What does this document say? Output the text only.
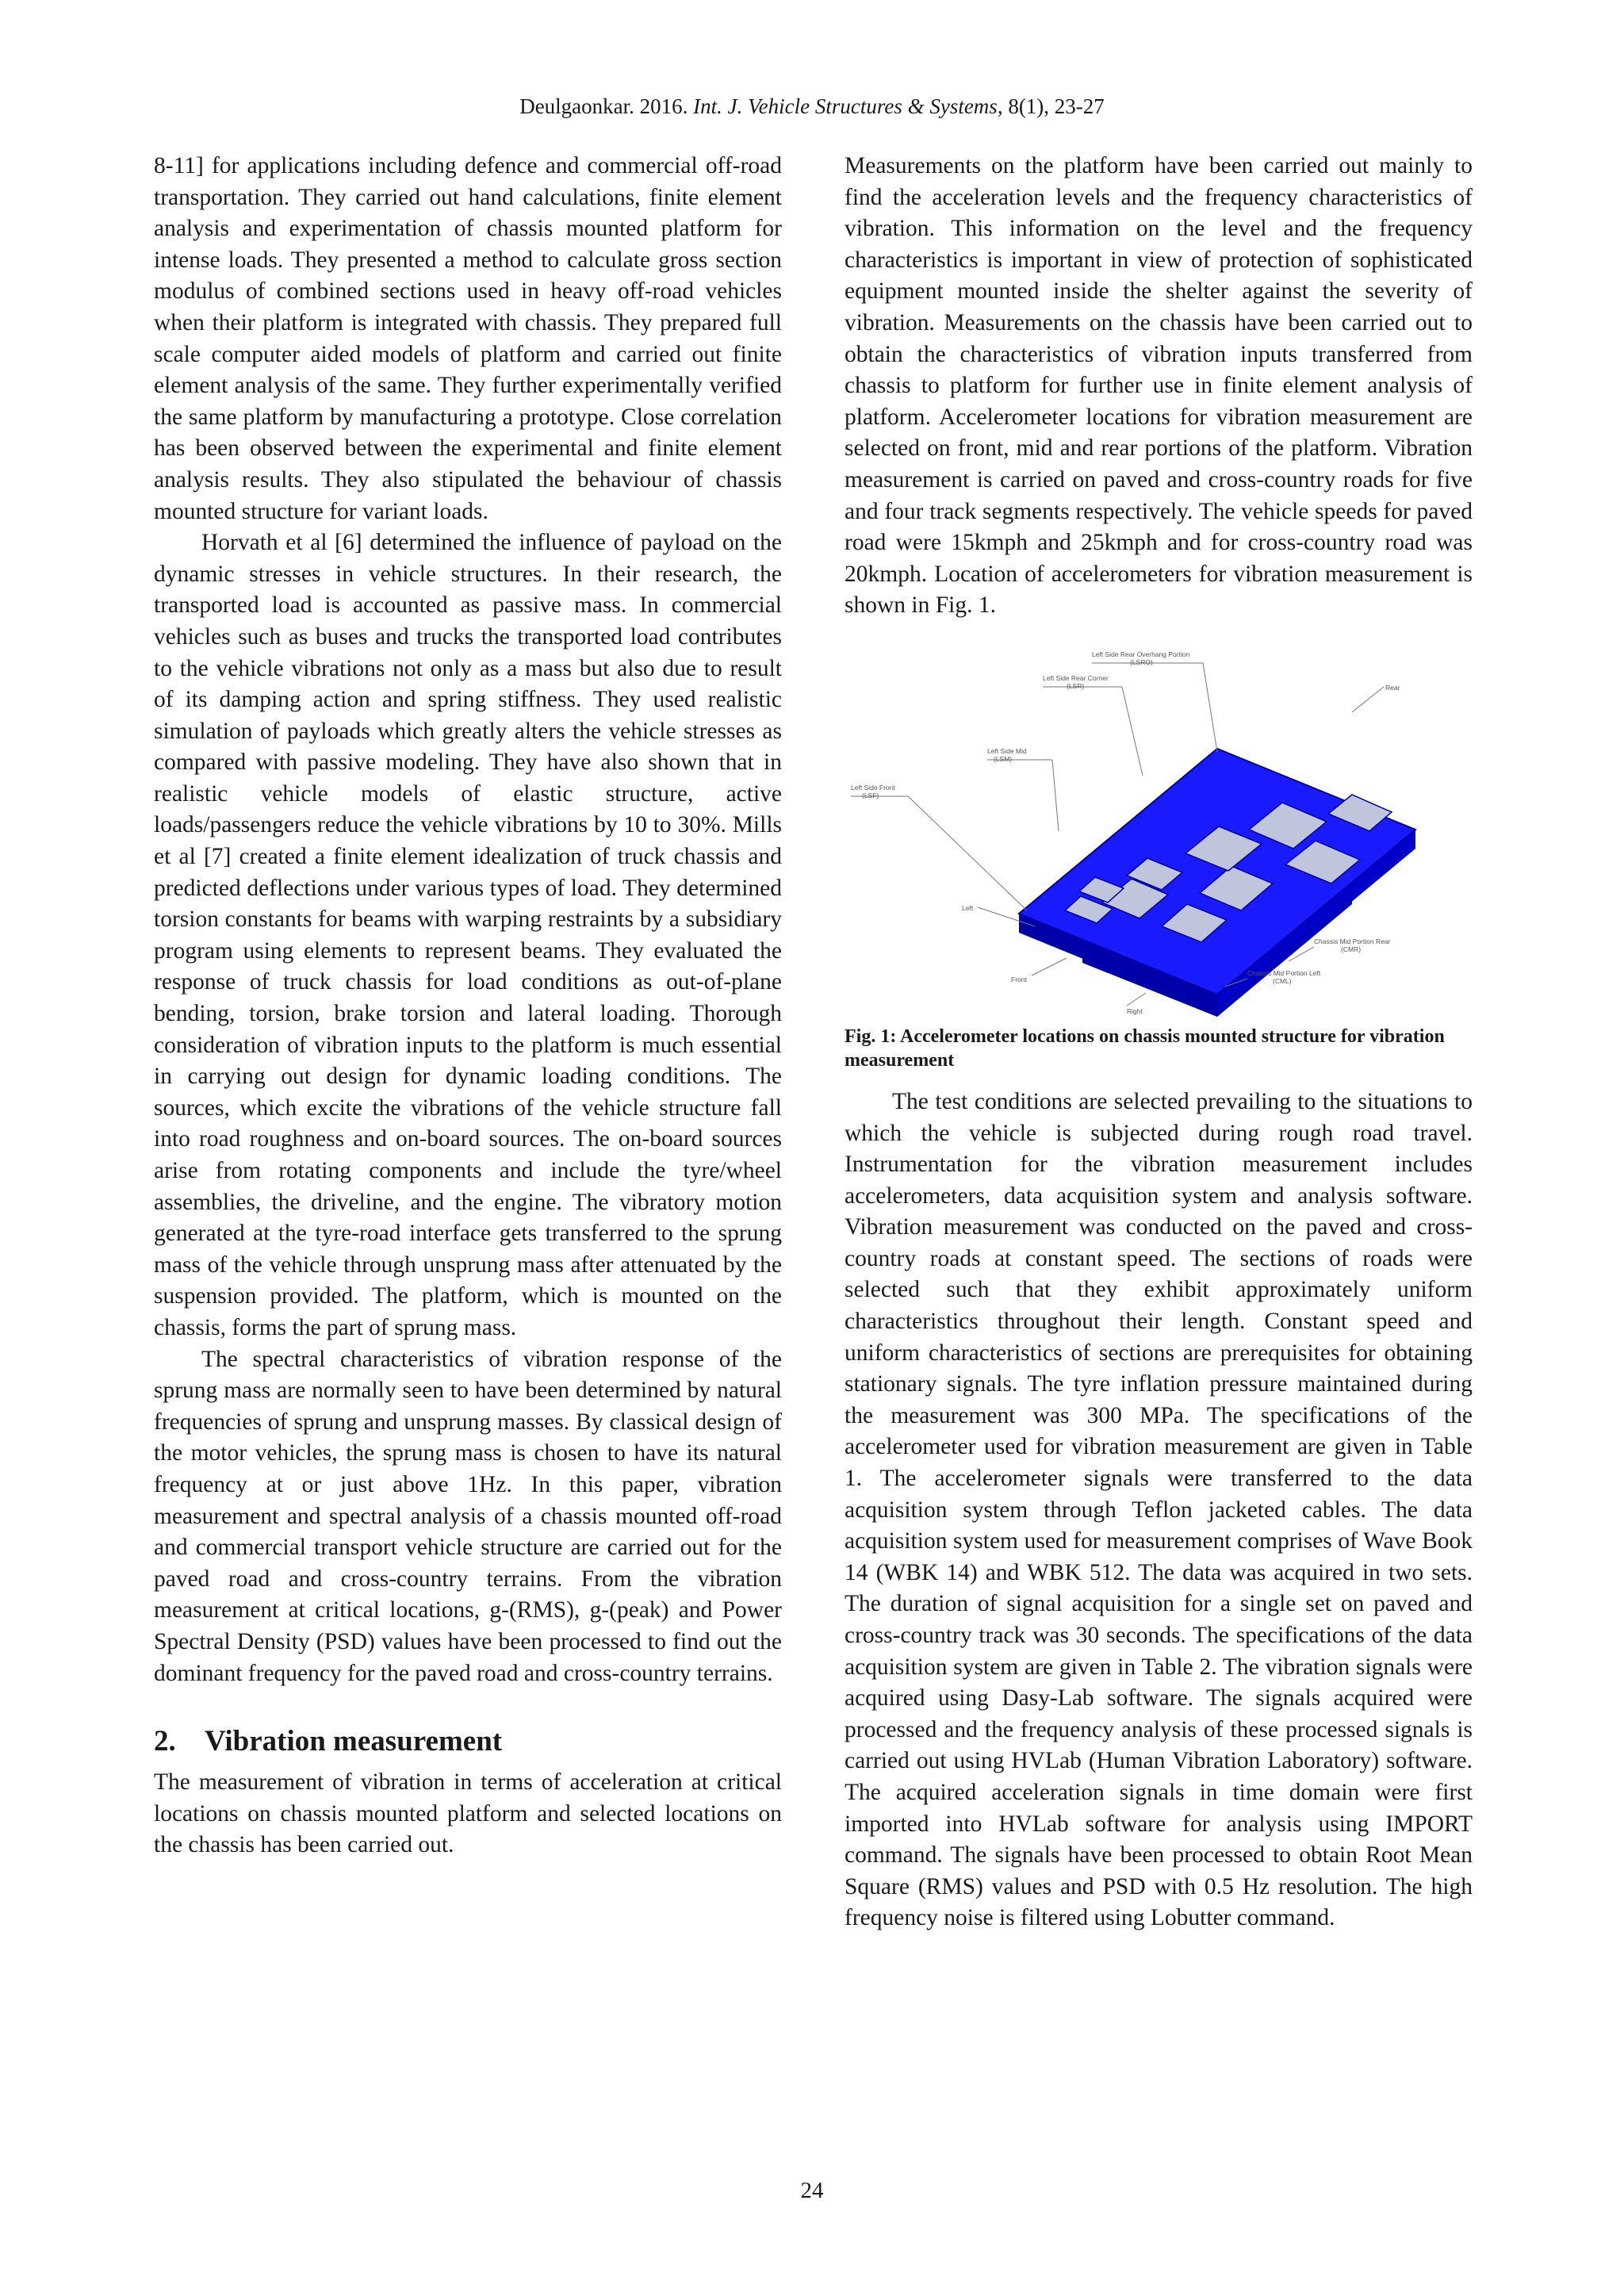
Deulgaonkar. 2016. Int. J. Vehicle Structures & Systems, 8(1), 23-27

8-11] for applications including defence and commercial off-road transportation. They carried out hand calculations, finite element analysis and experimentation of chassis mounted platform for intense loads. They presented a method to calculate gross section modulus of combined sections used in heavy off-road vehicles when their platform is integrated with chassis. They prepared full scale computer aided models of platform and carried out finite element analysis of the same. They further experimentally verified the same platform by manufacturing a prototype. Close correlation has been observed between the experimental and finite element analysis results. They also stipulated the behaviour of chassis mounted structure for variant loads.

Horvath et al [6] determined the influence of payload on the dynamic stresses in vehicle structures. In their research, the transported load is accounted as passive mass. In commercial vehicles such as buses and trucks the transported load contributes to the vehicle vibrations not only as a mass but also due to result of its damping action and spring stiffness. They used realistic simulation of payloads which greatly alters the vehicle stresses as compared with passive modeling. They have also shown that in realistic vehicle models of elastic structure, active loads/passengers reduce the vehicle vibrations by 10 to 30%. Mills et al [7] created a finite element idealization of truck chassis and predicted deflections under various types of load. They determined torsion constants for beams with warping restraints by a subsidiary program using elements to represent beams. They evaluated the response of truck chassis for load conditions as out-of-plane bending, torsion, brake torsion and lateral loading. Thorough consideration of vibration inputs to the platform is much essential in carrying out design for dynamic loading conditions. The sources, which excite the vibrations of the vehicle structure fall into road roughness and on-board sources. The on-board sources arise from rotating components and include the tyre/wheel assemblies, the driveline, and the engine. The vibratory motion generated at the tyre-road interface gets transferred to the sprung mass of the vehicle through unsprung mass after attenuated by the suspension provided. The platform, which is mounted on the chassis, forms the part of sprung mass.

The spectral characteristics of vibration response of the sprung mass are normally seen to have been determined by natural frequencies of sprung and unsprung masses. By classical design of the motor vehicles, the sprung mass is chosen to have its natural frequency at or just above 1Hz. In this paper, vibration measurement and spectral analysis of a chassis mounted off-road and commercial transport vehicle structure are carried out for the paved road and cross-country terrains. From the vibration measurement at critical locations, g-(RMS), g-(peak) and Power Spectral Density (PSD) values have been processed to find out the dominant frequency for the paved road and cross-country terrains.

2. Vibration measurement

The measurement of vibration in terms of acceleration at critical locations on chassis mounted platform and selected locations on the chassis has been carried out.

Measurements on the platform have been carried out mainly to find the acceleration levels and the frequency characteristics of vibration. This information on the level and the frequency characteristics is important in view of protection of sophisticated equipment mounted inside the shelter against the severity of vibration. Measurements on the chassis have been carried out to obtain the characteristics of vibration inputs transferred from chassis to platform for further use in finite element analysis of platform. Accelerometer locations for vibration measurement are selected on front, mid and rear portions of the platform. Vibration measurement is carried on paved and cross-country roads for five and four track segments respectively. The vehicle speeds for paved road were 15kmph and 25kmph and for cross-country road was 20kmph. Location of accelerometers for vibration measurement is shown in Fig. 1.

Left Side Rear Overhang Portion
(LSRO)
Left Side Rear Corner
(LSR)
Left Side Mid
(LSM)
Left Side Front
(LSF)
Rear
Left
Chassis Mid Portion Rear
(CMR)
Chassis Mid Portion Left
(CML)
Front
Right

Fig. 1: Accelerometer locations on chassis mounted structure for vibration measurement

The test conditions are selected prevailing to the situations to which the vehicle is subjected during rough road travel. Instrumentation for the vibration measurement includes accelerometers, data acquisition system and analysis software. Vibration measurement was conducted on the paved and cross-country roads at constant speed. The sections of roads were selected such that they exhibit approximately uniform characteristics throughout their length. Constant speed and uniform characteristics of sections are prerequisites for obtaining stationary signals. The tyre inflation pressure maintained during the measurement was 300 MPa. The specifications of the accelerometer used for vibration measurement are given in Table 1. The accelerometer signals were transferred to the data acquisition system through Teflon jacketed cables. The data acquisition system used for measurement comprises of Wave Book 14 (WBK 14) and WBK 512. The data was acquired in two sets. The duration of signal acquisition for a single set on paved and cross-country track was 30 seconds. The specifications of the data acquisition system are given in Table 2. The vibration signals were acquired using Dasy-Lab software. The signals acquired were processed and the frequency analysis of these processed signals is carried out using HVLab (Human Vibration Laboratory) software. The acquired acceleration signals in time domain were first imported into HVLab software for analysis using IMPORT command. The signals have been processed to obtain Root Mean Square (RMS) values and PSD with 0.5 Hz resolution. The high frequency noise is filtered using Lobutter command.

24
